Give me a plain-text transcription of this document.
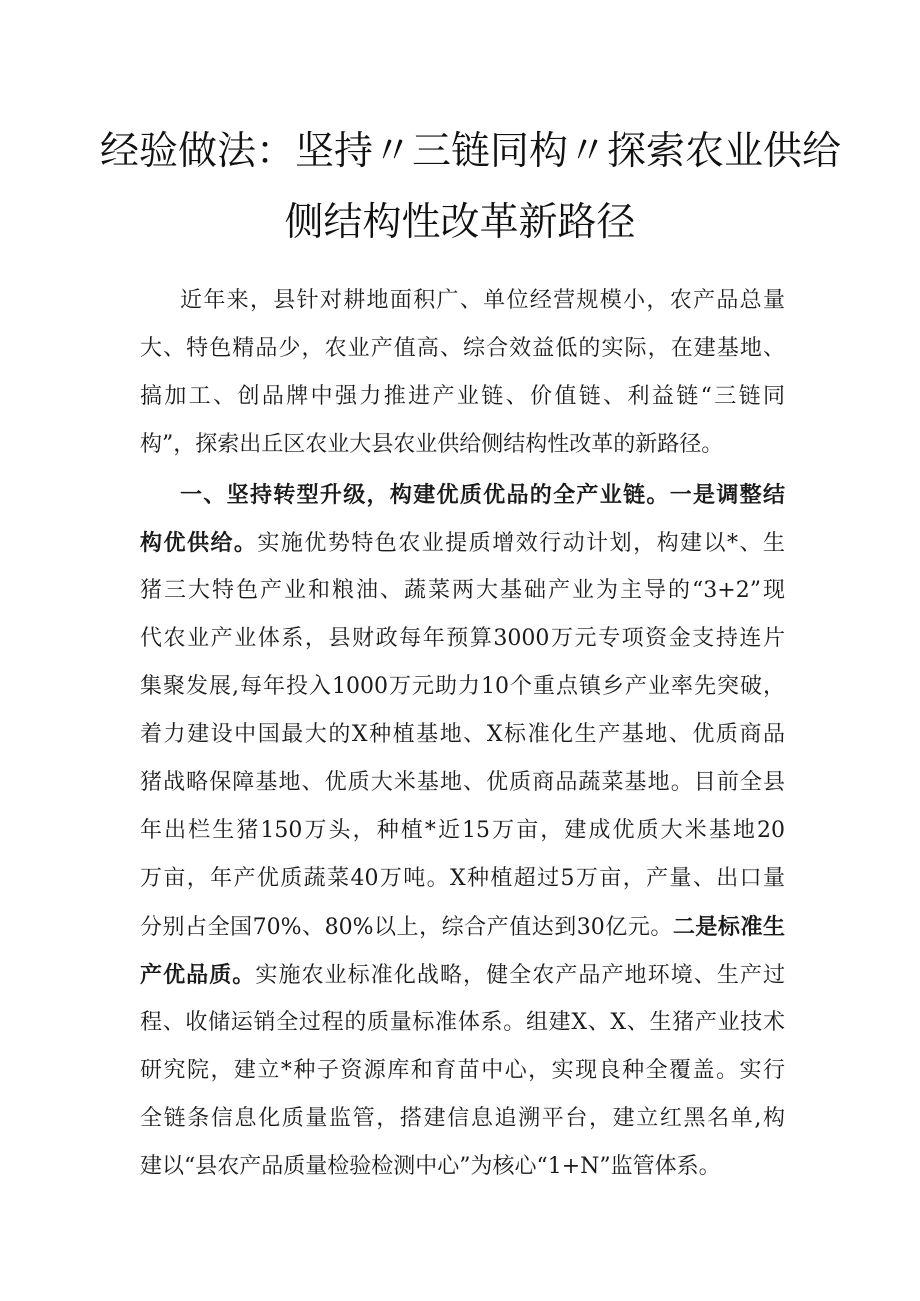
经验做法：坚持〃三链同构〃探索农业供给
侧结构性改革新路径
近年来，县针对耕地面积广、单位经营规模小，农产品总量
大、特色精品少，农业产值高、综合效益低的实际，在建基地、
搞加工、创品牌中强力推进产业链、价值链、利益链“三链同
构”，探索出丘区农业大县农业供给侧结构性改革的新路径。
一、坚持转型升级，构建优质优品的全产业链。一是调整结
构优供给。实施优势特色农业提质增效行动计划，构建以*、生
猪三大特色产业和粮油、蔬菜两大基础产业为主导的“3+2”现
代农业产业体系，县财政每年预算3000万元专项资金支持连片
集聚发展,每年投入1000万元助力10个重点镇乡产业率先突破，
着力建设中国最大的X种植基地、X标准化生产基地、优质商品
猪战略保障基地、优质大米基地、优质商品蔬菜基地。目前全县
年出栏生猪150万头，种植*近15万亩，建成优质大米基地20
万亩，年产优质蔬菜40万吨。X种植超过5万亩，产量、出口量
分别占全国70%、80%以上，综合产值达到30亿元。二是标准生
产优品质。实施农业标准化战略，健全农产品产地环境、生产过
程、收储运销全过程的质量标准体系。组建X、X、生猪产业技术
研究院，建立*种子资源库和育苗中心，实现良种全覆盖。实行
全链条信息化质量监管，搭建信息追溯平台，建立红黑名单,构
建以“县农产品质量检验检测中心”为核心“1+N”监管体系。
